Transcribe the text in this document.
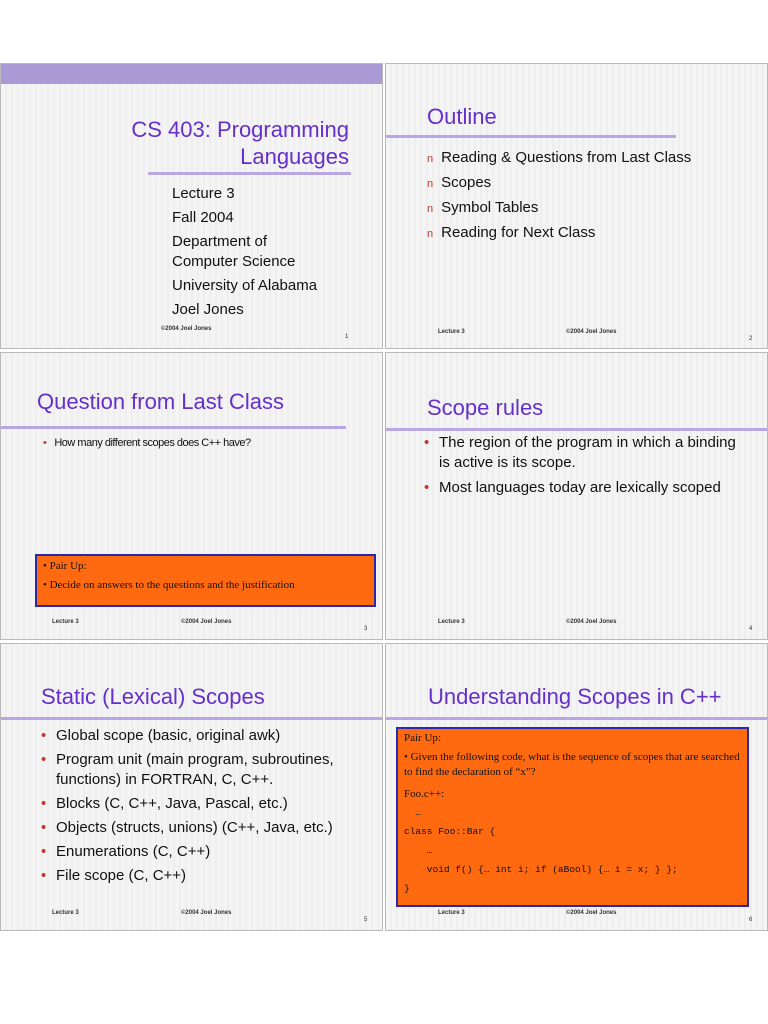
CS 403: Programming
Languages
Lecture 3
Fall 2004
Department of
Computer Science
University of Alabama
Joel Jones
©2004 Joel Jones
1
Outline
n Reading & Questions from Last Class
n Scopes
n Symbol Tables
n Reading for Next Class
Lecture 3	©2004 Joel Jones
2
Question from Last Class
• How many different scopes does C++ have?

• Pair Up:

• Decide on answers to the questions and the justification

Lecture 3	©2004 Joel Jones
3
Scope rules
• The region of the program in which a binding is active is its scope.
• Most languages today are lexically scoped
Lecture 3	©2004 Joel Jones
4
Static (Lexical) Scopes
• Global scope (basic, original awk)
• Program unit (main program, subroutines, functions) in FORTRAN, C, C++.
• Blocks (C, C++, Java, Pascal, etc.)
• Objects (structs, unions) (C++, Java, etc.)
• Enumerations (C, C++)
• File scope (C, C++)
Lecture 3	©2004 Joel Jones
5
Understanding Scopes in C++

Pair Up:

• Given the following code, what is the sequence of scopes that are searched to find the declaration of “x”?

Foo.c++:

…
class Foo::Bar {
…
void f() {… int i; if (aBool) {… i = x; } };
}
Lecture 3	©2004 Joel Jones
6
